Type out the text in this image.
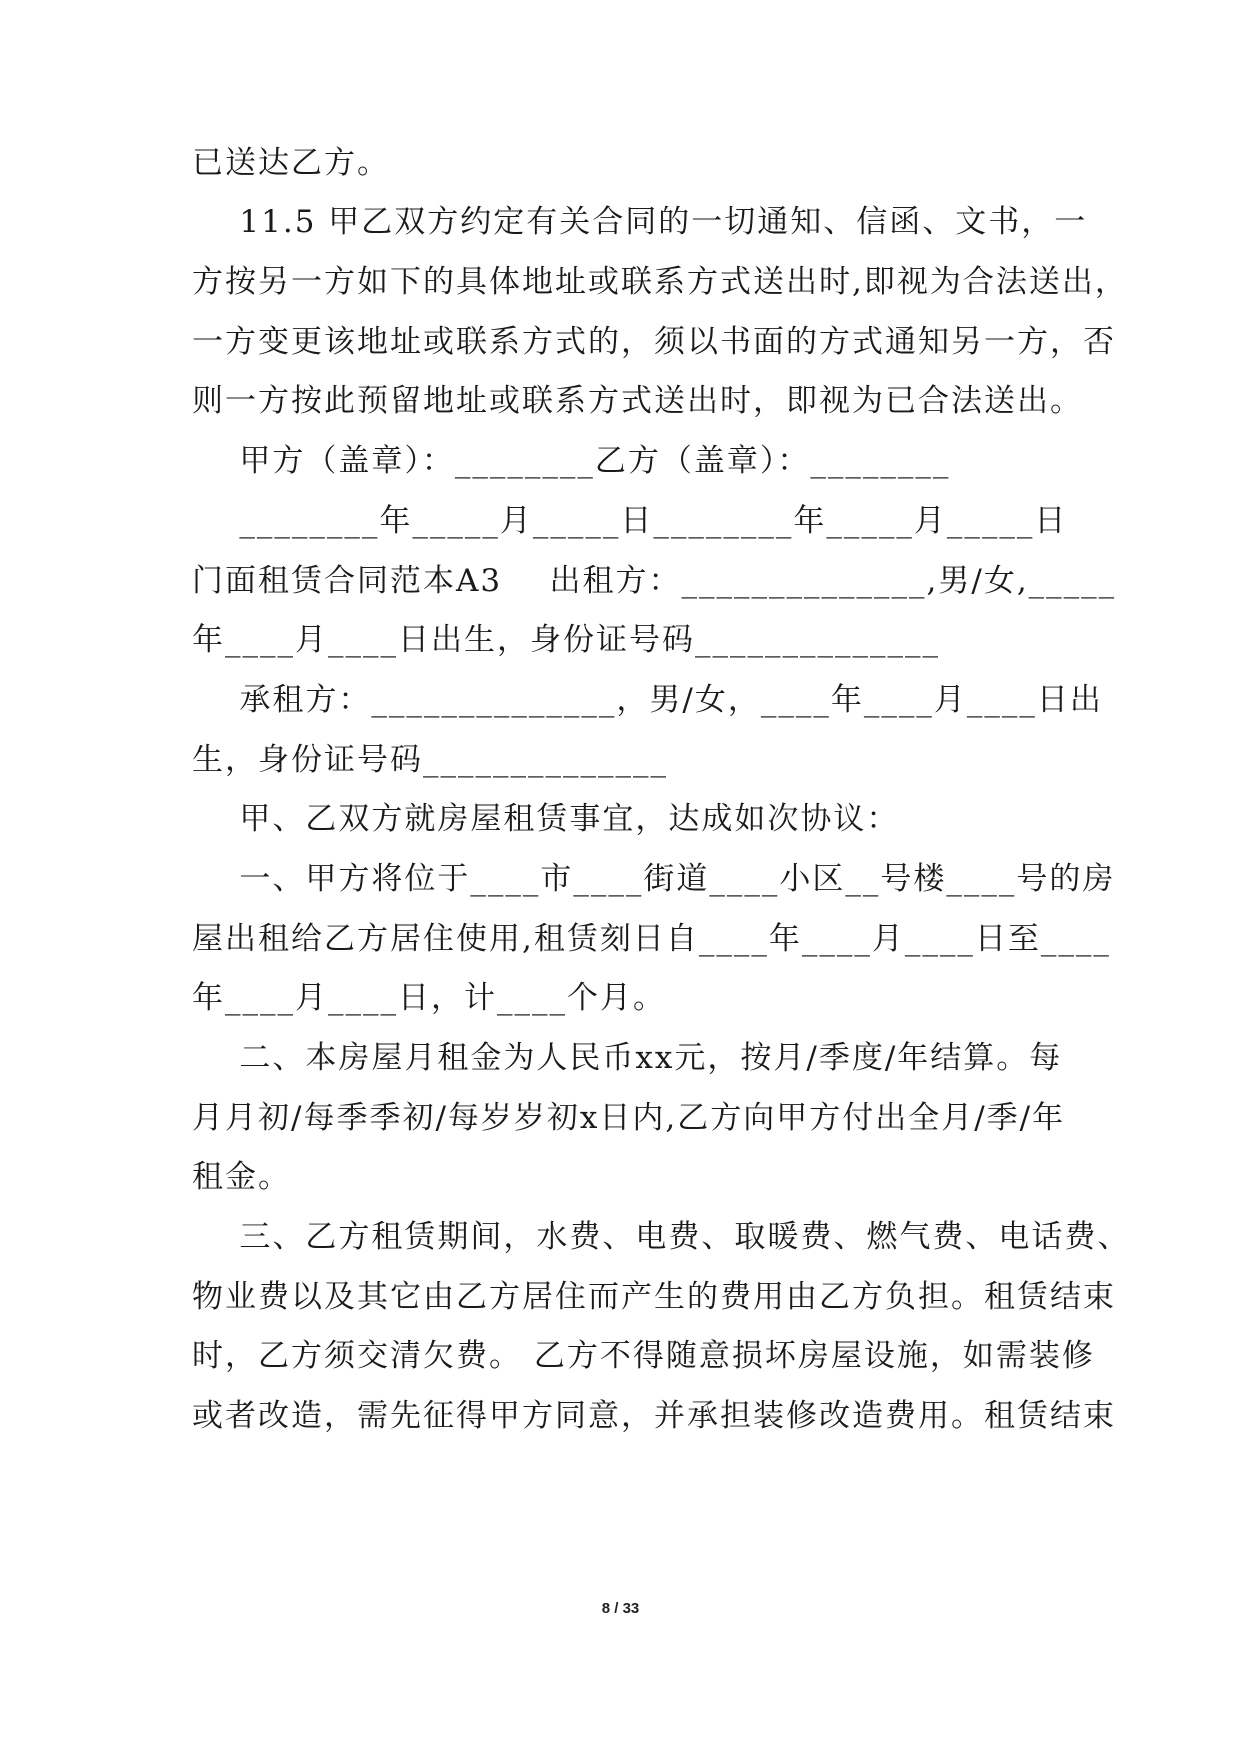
已送达乙方。
11.5 甲乙双方约定有关合同的一切通知、信函、文书，一
方按另一方如下的具体地址或联系方式送出时,即视为合法送出，
一方变更该地址或联系方式的，须以书面的方式通知另一方，否
则一方按此预留地址或联系方式送出时，即视为已合法送出。
甲方（盖章）：________乙方（盖章）：________
________年_____月_____日________年_____月_____日
门面租赁合同范本A3    出租方：______________,男/女,_____
年____月____日出生，身份证号码______________
承租方：______________，男/女，____年____月____日出
生，身份证号码______________
甲、乙双方就房屋租赁事宜，达成如次协议：
一、甲方将位于____市____街道____小区__号楼____号的房
屋出租给乙方居住使用,租赁刻日自____年____月____日至____
年____月____日，计____个月。
二、本房屋月租金为人民币xx元，按月/季度/年结算。每
月月初/每季季初/每岁岁初x日内,乙方向甲方付出全月/季/年
租金。
三、乙方租赁期间，水费、电费、取暖费、燃气费、电话费、
物业费以及其它由乙方居住而产生的费用由乙方负担。租赁结束
时，乙方须交清欠费。 乙方不得随意损坏房屋设施，如需装修
或者改造，需先征得甲方同意，并承担装修改造费用。租赁结束
8 / 33
